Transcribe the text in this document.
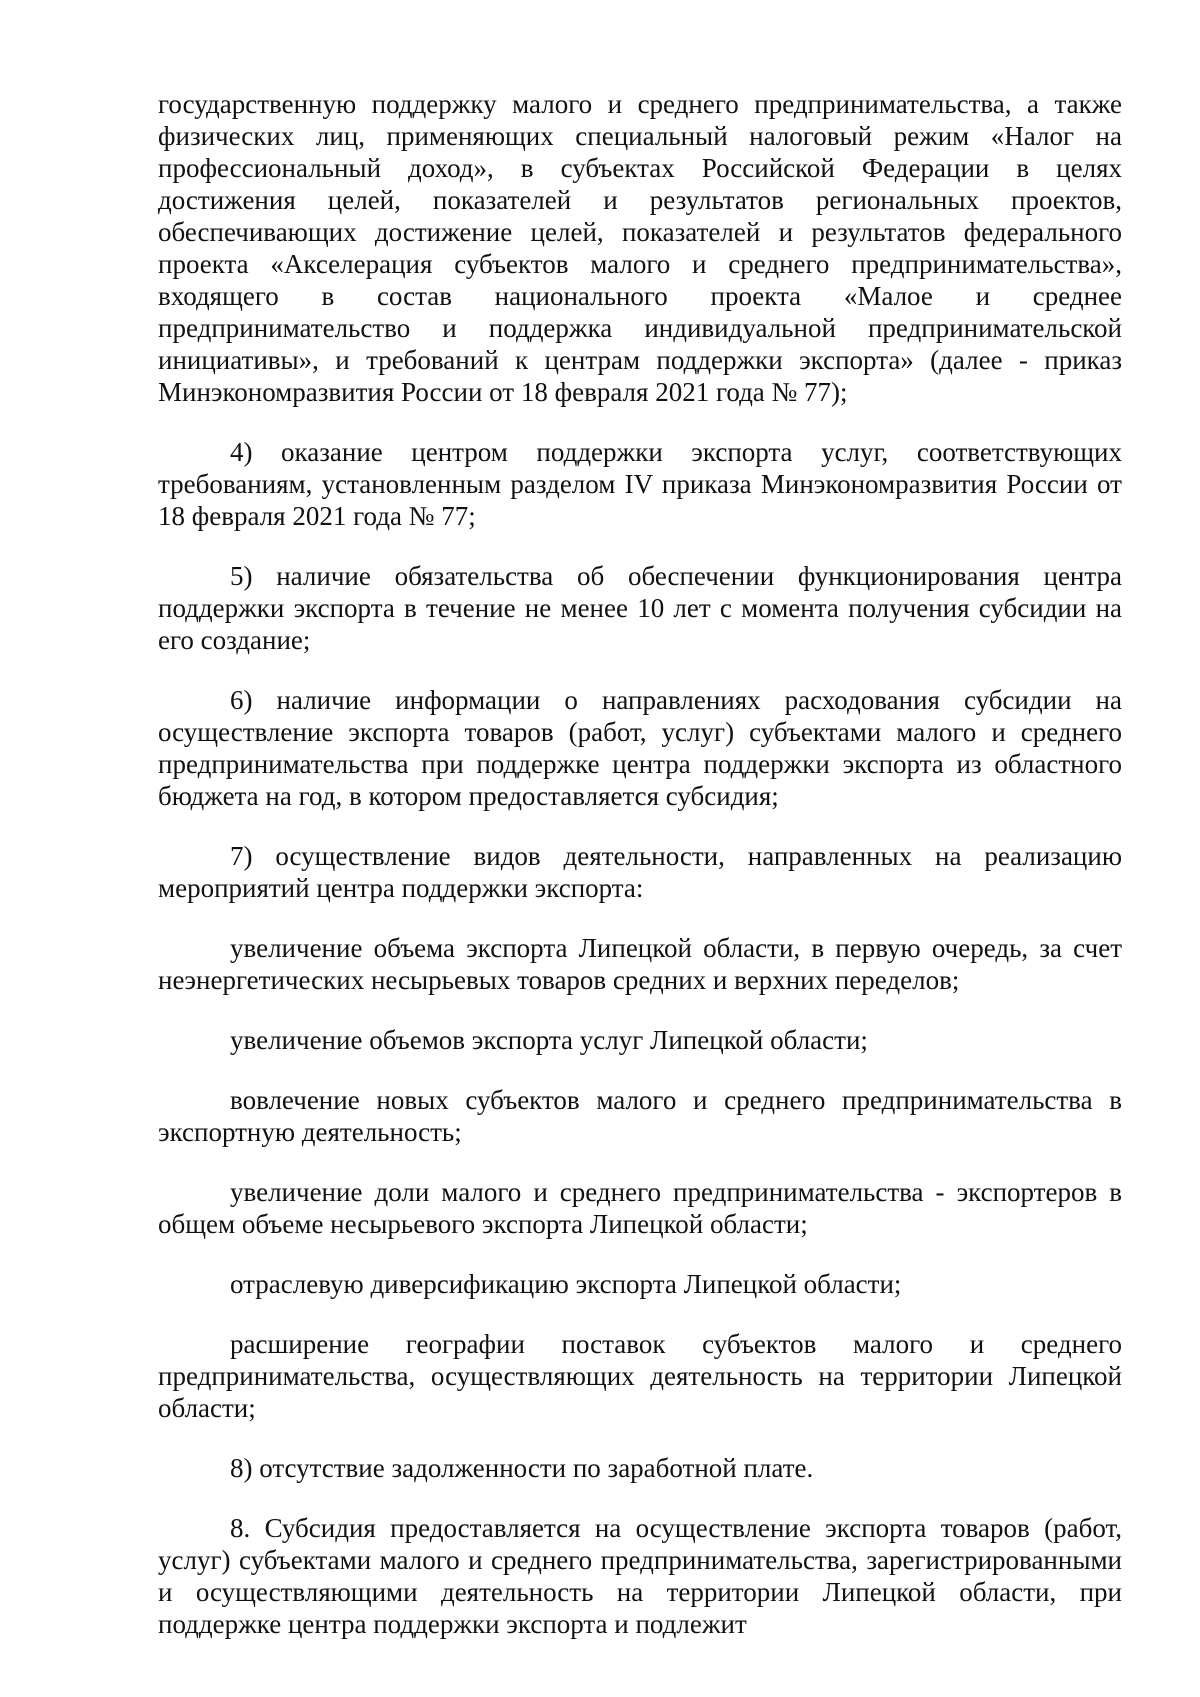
государственную поддержку малого и среднего предпринимательства, а также физических лиц, применяющих специальный налоговый режим «Налог на профессиональный доход», в субъектах Российской Федерации в целях достижения целей, показателей и результатов региональных проектов, обеспечивающих достижение целей, показателей и результатов федерального проекта «Акселерация субъектов малого и среднего предпринимательства», входящего в состав национального проекта «Малое и среднее предпринимательство и поддержка индивидуальной предпринимательской инициативы», и требований к центрам поддержки экспорта» (далее - приказ Минэкономразвития России от 18 февраля 2021 года № 77);

4) оказание центром поддержки экспорта услуг, соответствующих требованиям, установленным разделом IV приказа Минэкономразвития России от 18 февраля 2021 года № 77;

5) наличие обязательства об обеспечении функционирования центра поддержки экспорта в течение не менее 10 лет с момента получения субсидии на его создание;

6) наличие информации о направлениях расходования субсидии на осуществление экспорта товаров (работ, услуг) субъектами малого и среднего предпринимательства при поддержке центра поддержки экспорта из областного бюджета на год, в котором предоставляется субсидия;

7) осуществление видов деятельности, направленных на реализацию мероприятий центра поддержки экспорта:

увеличение объема экспорта Липецкой области, в первую очередь, за счет неэнергетических несырьевых товаров средних и верхних переделов;

увеличение объемов экспорта услуг Липецкой области;

вовлечение новых субъектов малого и среднего предпринимательства в экспортную деятельность;

увеличение доли малого и среднего предпринимательства - экспортеров в общем объеме несырьевого экспорта Липецкой области;

отраслевую диверсификацию экспорта Липецкой области;

расширение географии поставок субъектов малого и среднего предпринимательства, осуществляющих деятельность на территории Липецкой области;

8) отсутствие задолженности по заработной плате.

8. Субсидия предоставляется на осуществление экспорта товаров (работ, услуг) субъектами малого и среднего предпринимательства, зарегистрированными и осуществляющими деятельность на территории Липецкой области, при поддержке центра поддержки экспорта и подлежит
